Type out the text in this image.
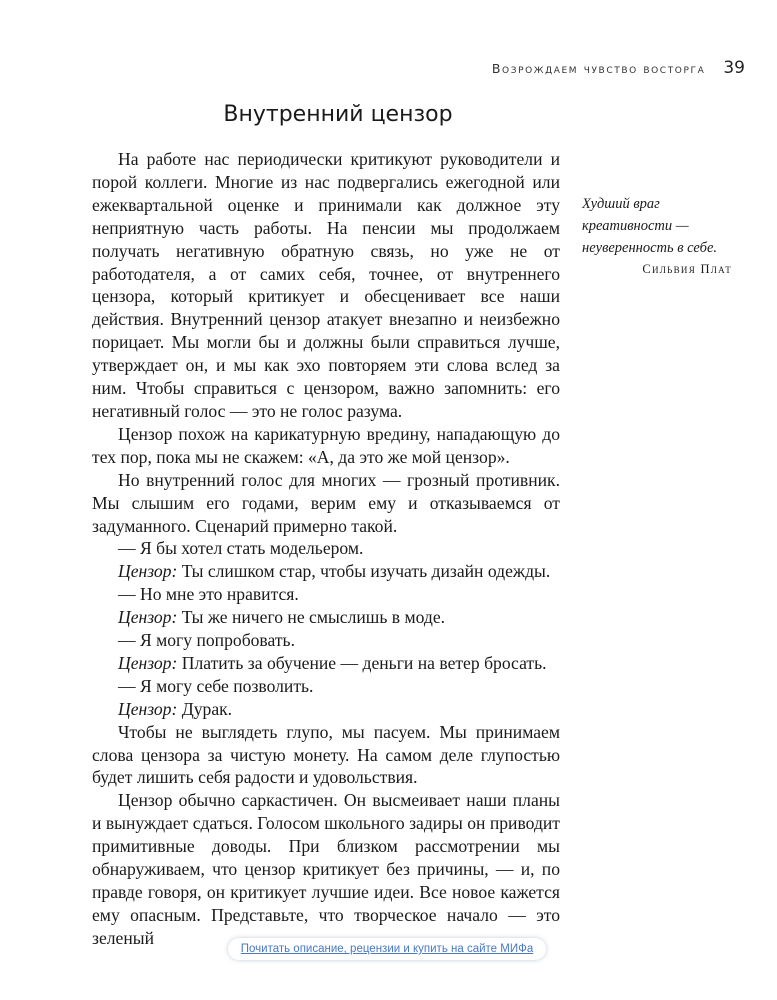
Возрождаем чувство восторга 39
Внутренний цензор

На работе нас периодически критикуют руководители и порой коллеги. Многие из нас подвергались ежегодной или ежеквартальной оценке и принимали как должное эту неприятную часть работы. На пенсии мы продолжаем получать негативную обратную связь, но уже не от работодателя, а от самих себя, точнее, от внутреннего цензора, который критикует и обесценивает все наши действия. Внутренний цензор атакует внезапно и неизбежно порицает. Мы могли бы и должны были справиться лучше, утверждает он, и мы как эхо повторяем эти слова вслед за ним. Чтобы справиться с цензором, важно запомнить: его негативный голос — это не голос разума.

Цензор похож на карикатурную вредину, нападающую до тех пор, пока мы не скажем: «А, да это же мой цензор».

Но внутренний голос для многих — грозный противник. Мы слышим его годами, верим ему и отказываемся от задуманного. Сценарий примерно такой.

— Я бы хотел стать модельером.

Цензор: Ты слишком стар, чтобы изучать дизайн одежды.

— Но мне это нравится.

Цензор: Ты же ничего не смыслишь в моде.

— Я могу попробовать.

Цензор: Платить за обучение — деньги на ветер бросать.

— Я могу себе позволить.

Цензор: Дурак.

Чтобы не выглядеть глупо, мы пасуем. Мы принимаем слова цензора за чистую монету. На самом деле глупостью будет лишить себя радости и удовольствия.

Цензор обычно саркастичен. Он высмеивает наши планы и вынуждает сдаться. Голосом школьного задиры он приводит примитивные доводы. При близком рассмотрении мы обнаруживаем, что цензор критикует без причины, — и, по правде говоря, он критикует лучшие идеи. Все новое кажется ему опасным. Представьте, что творческое начало — это зеленый

Худший враг креативности — неуверенность в себе.
Сильвия Плат
Почитать описание, рецензии и купить на сайте МИФа
